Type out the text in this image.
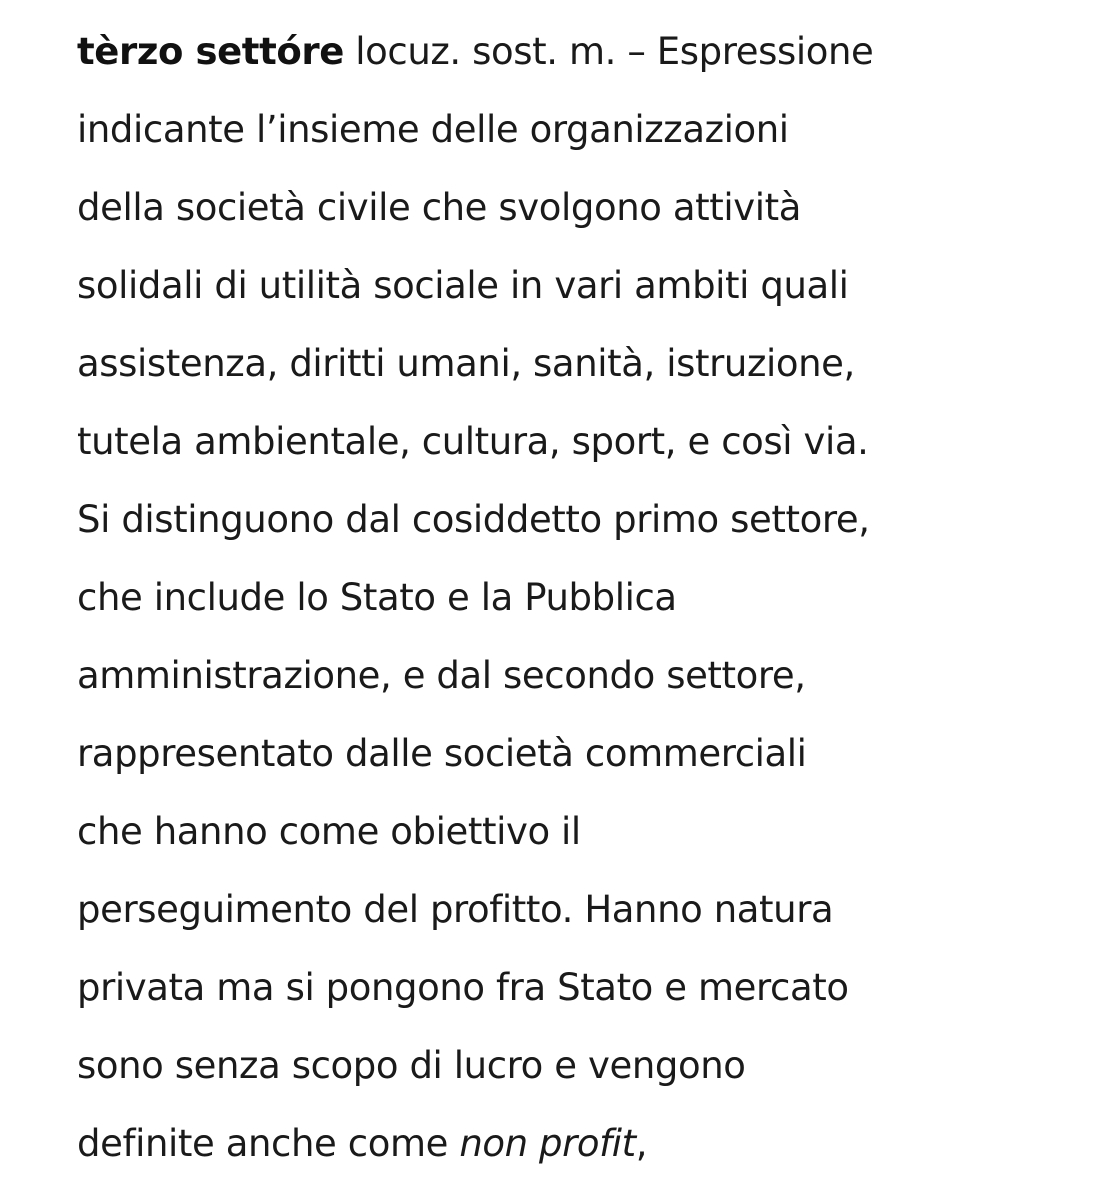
tèrzo settóre locuz. sost. m. – Espressione
indicante l’insieme delle organizzazioni
della società civile che svolgono attività
solidali di utilità sociale in vari ambiti quali
assistenza, diritti umani, sanità, istruzione,
tutela ambientale, cultura, sport, e così via.
Si distinguono dal cosiddetto primo settore,
che include lo Stato e la Pubblica
amministrazione, e dal secondo settore,
rappresentato dalle società commerciali
che hanno come obiettivo il
perseguimento del profitto. Hanno natura
privata ma si pongono fra Stato e mercato
sono senza scopo di lucro e vengono
definite anche come non profit,
